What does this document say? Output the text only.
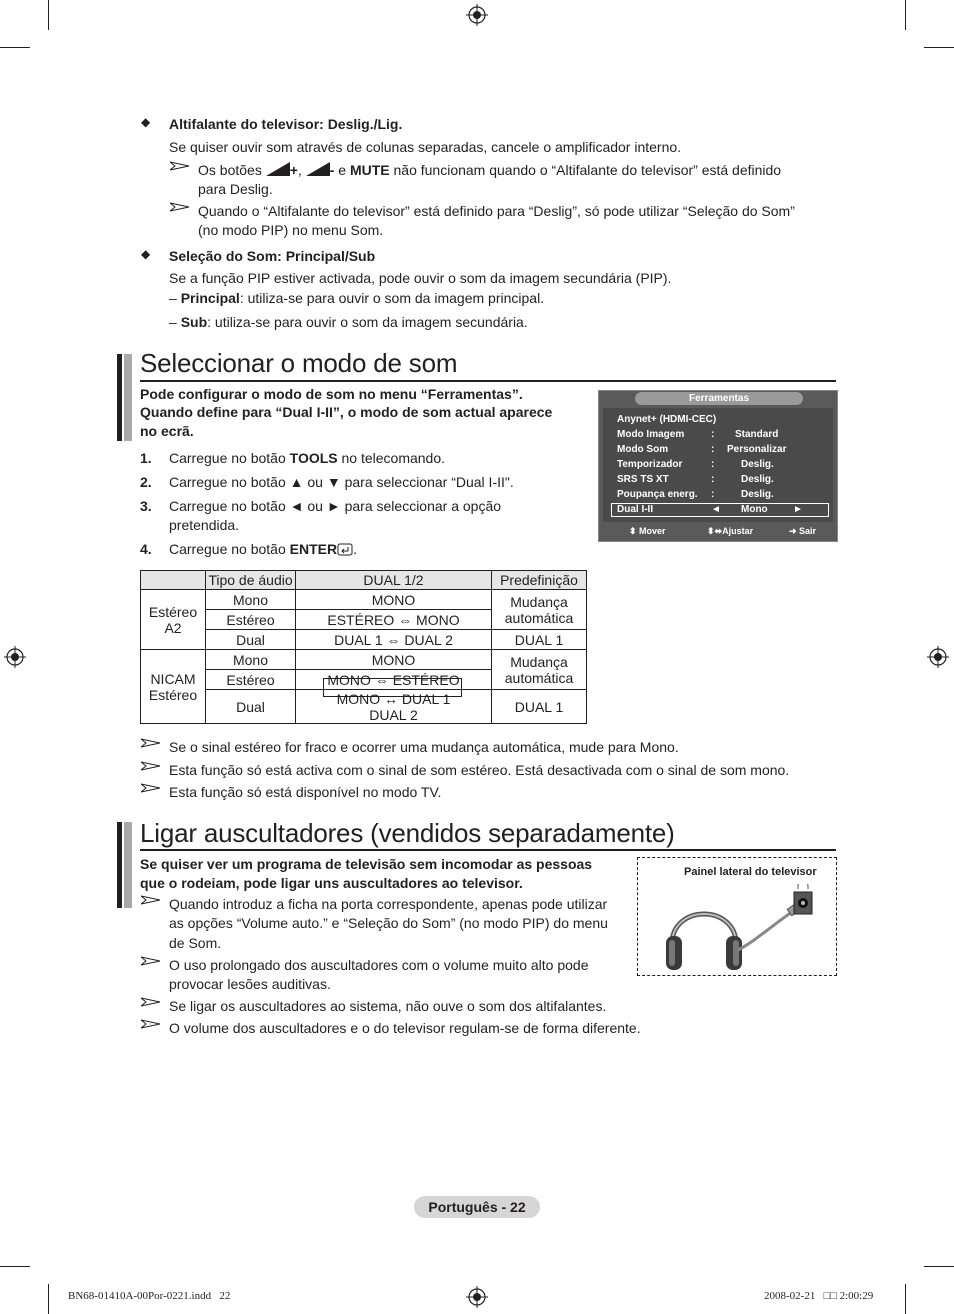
◆ Altifalante do televisor: Deslig./Lig.
Se quiser ouvir som através de colunas separadas, cancele o amplificador interno.
Os botões +, - e MUTE não funcionam quando o “Altifalante do televisor” está definido
para Deslig.
Quando o “Altifalante do televisor” está definido para “Deslig”, só pode utilizar “Seleção do Som”
(no modo PIP) no menu Som.
◆ Seleção do Som: Principal/Sub
Se a função PIP estiver activada, pode ouvir o som da imagem secundária (PIP).
– Principal: utiliza-se para ouvir o som da imagem principal.
– Sub: utiliza-se para ouvir o som da imagem secundária.
Seleccionar o modo de som
Pode configurar o modo de som no menu “Ferramentas”.
Quando define para “Dual I-II”, o modo de som actual aparece
no ecrã.
1. Carregue no botão TOOLS no telecomando.
2. Carregue no botão ▲ ou ▼ para seleccionar “Dual I-II".
3. Carregue no botão ◄ ou ► para seleccionar a opção
pretendida.
4. Carregue no botão ENTER .
Ferramentas
Anynet+ (HDMI-CEC)
Modo Imagem	: Standard
Modo Som	: Personalizar
Temporizador	:	Deslig.
SRS TS XT	:	Deslig.
Poupança energ. :	Deslig.
Dual I-II	◄ Mono	►
⬍ Mover	⬍⬌Ajustar	➜ Sair
	Tipo de áudio	DUAL 1/2	Predefinição
Estéreo
A2	Mono	MONO	Mudança
automática
	Estéreo	ESTÉREO ⇔ MONO	
	Dual	DUAL 1 ⇔ DUAL 2	DUAL 1
NICAM
Estéreo	Mono	MONO	Mudança
automática
	Estéreo	MONO ⇔ ESTÉREO	
	Dual	MONO ↔ DUAL 1
DUAL 2	DUAL 1
Se o sinal estéreo for fraco e ocorrer uma mudança automática, mude para Mono.
Esta função só está activa com o sinal de som estéreo. Está desactivada com o sinal de som mono.
Esta função só está disponível no modo TV.
Ligar auscultadores (vendidos separadamente)
Se quiser ver um programa de televisão sem incomodar as pessoas
que o rodeiam, pode ligar uns auscultadores ao televisor.
Quando introduz a ficha na porta correspondente, apenas pode utilizar
as opções “Volume auto.” e “Seleção do Som” (no modo PIP) do menu
de Som.
O uso prolongado dos auscultadores com o volume muito alto pode
provocar lesões auditivas.
Se ligar os auscultadores ao sistema, não ouve o som dos altifalantes.
O volume dos auscultadores e o do televisor regulam-se de forma diferente.
Painel lateral do televisor
Português - 22
BN68-01410A-00Por-0221.indd   22	2008-02-21   □□ 2:00:29
